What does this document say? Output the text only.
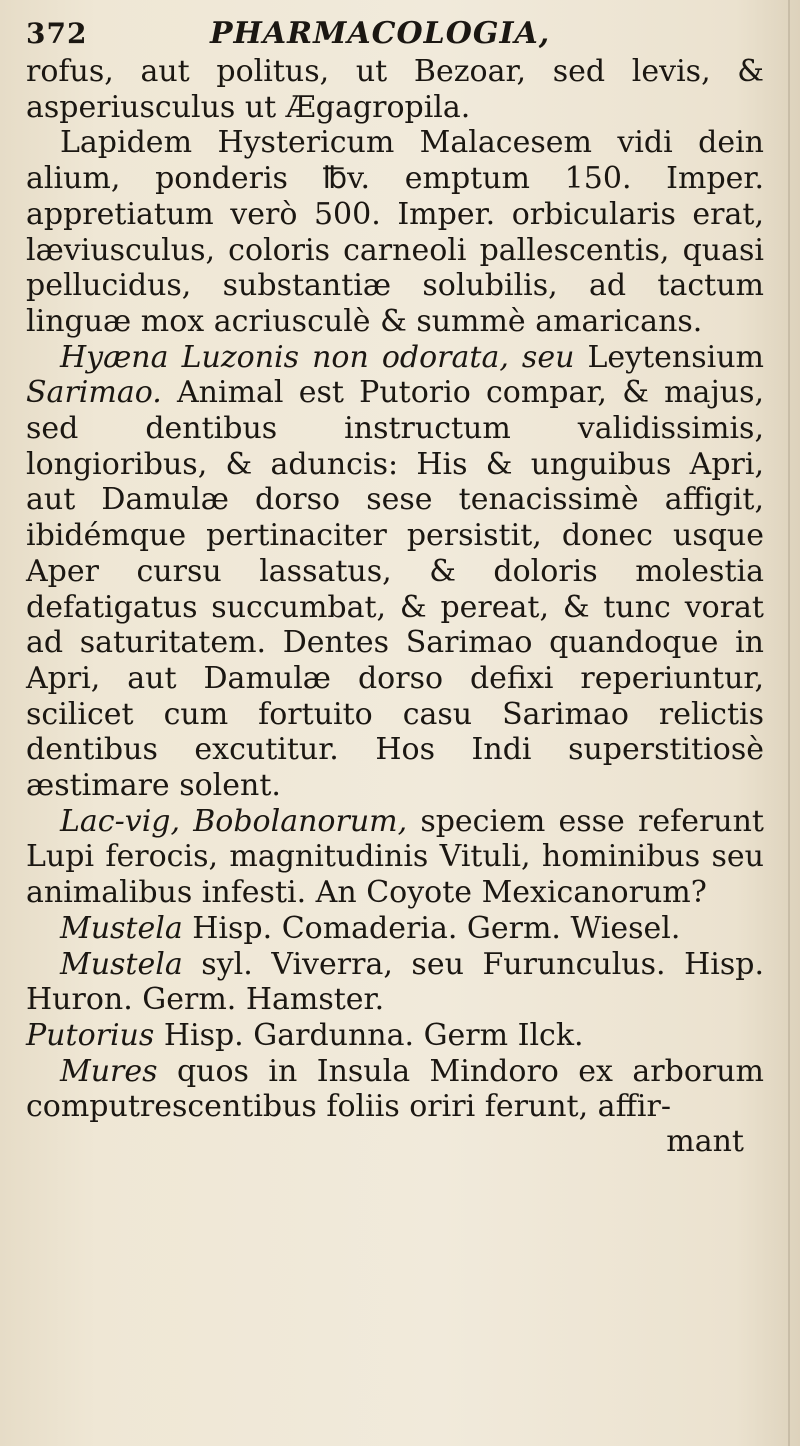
372	PHARMACOLOGIA,

rofus, aut politus, ut Bezoar, sed levis, & asperiusculus ut Ægagropila.

Lapidem Hystericum Malacesem vidi dein alium, ponderis ℔v. emptum 150. Imper. appretiatum verò 500. Imper. orbicularis erat, læviusculus, coloris carneoli pallescentis, quasi pellucidus, substantiæ solubilis, ad tactum linguæ mox acriusculè & summè amaricans.

Hyæna Luzonis non odorata, seu Leytensium Sarimao. Animal est Putorio compar, & majus, sed dentibus instructum validissimis, longioribus, & aduncis: His & unguibus Apri, aut Damulæ dorso sese tenacissimè affigit, ibidémque pertinaciter persistit, donec usque Aper cursu lassatus, & doloris molestia defatigatus succumbat, & pereat, & tunc vorat ad saturitatem. Dentes Sarimao quandoque in Apri, aut Damulæ dorso defixi reperiuntur, scilicet cum fortuito casu Sarimao relictis dentibus excutitur. Hos Indi superstitiosè æstimare solent.

Lac-vig, Bobolanorum, speciem esse referunt Lupi ferocis, magnitudinis Vituli, hominibus seu animalibus infesti. An Coyote Mexicanorum?

Mustela Hisp. Comaderia. Germ. Wiesel.

Mustela syl. Viverra, seu Furunculus. Hisp. Huron. Germ. Hamster.

Putorius Hisp. Gardunna. Germ Ilck.

Mures quos in Insula Mindoro ex arborum computrescentibus foliis oriri ferunt, affir-

mant
